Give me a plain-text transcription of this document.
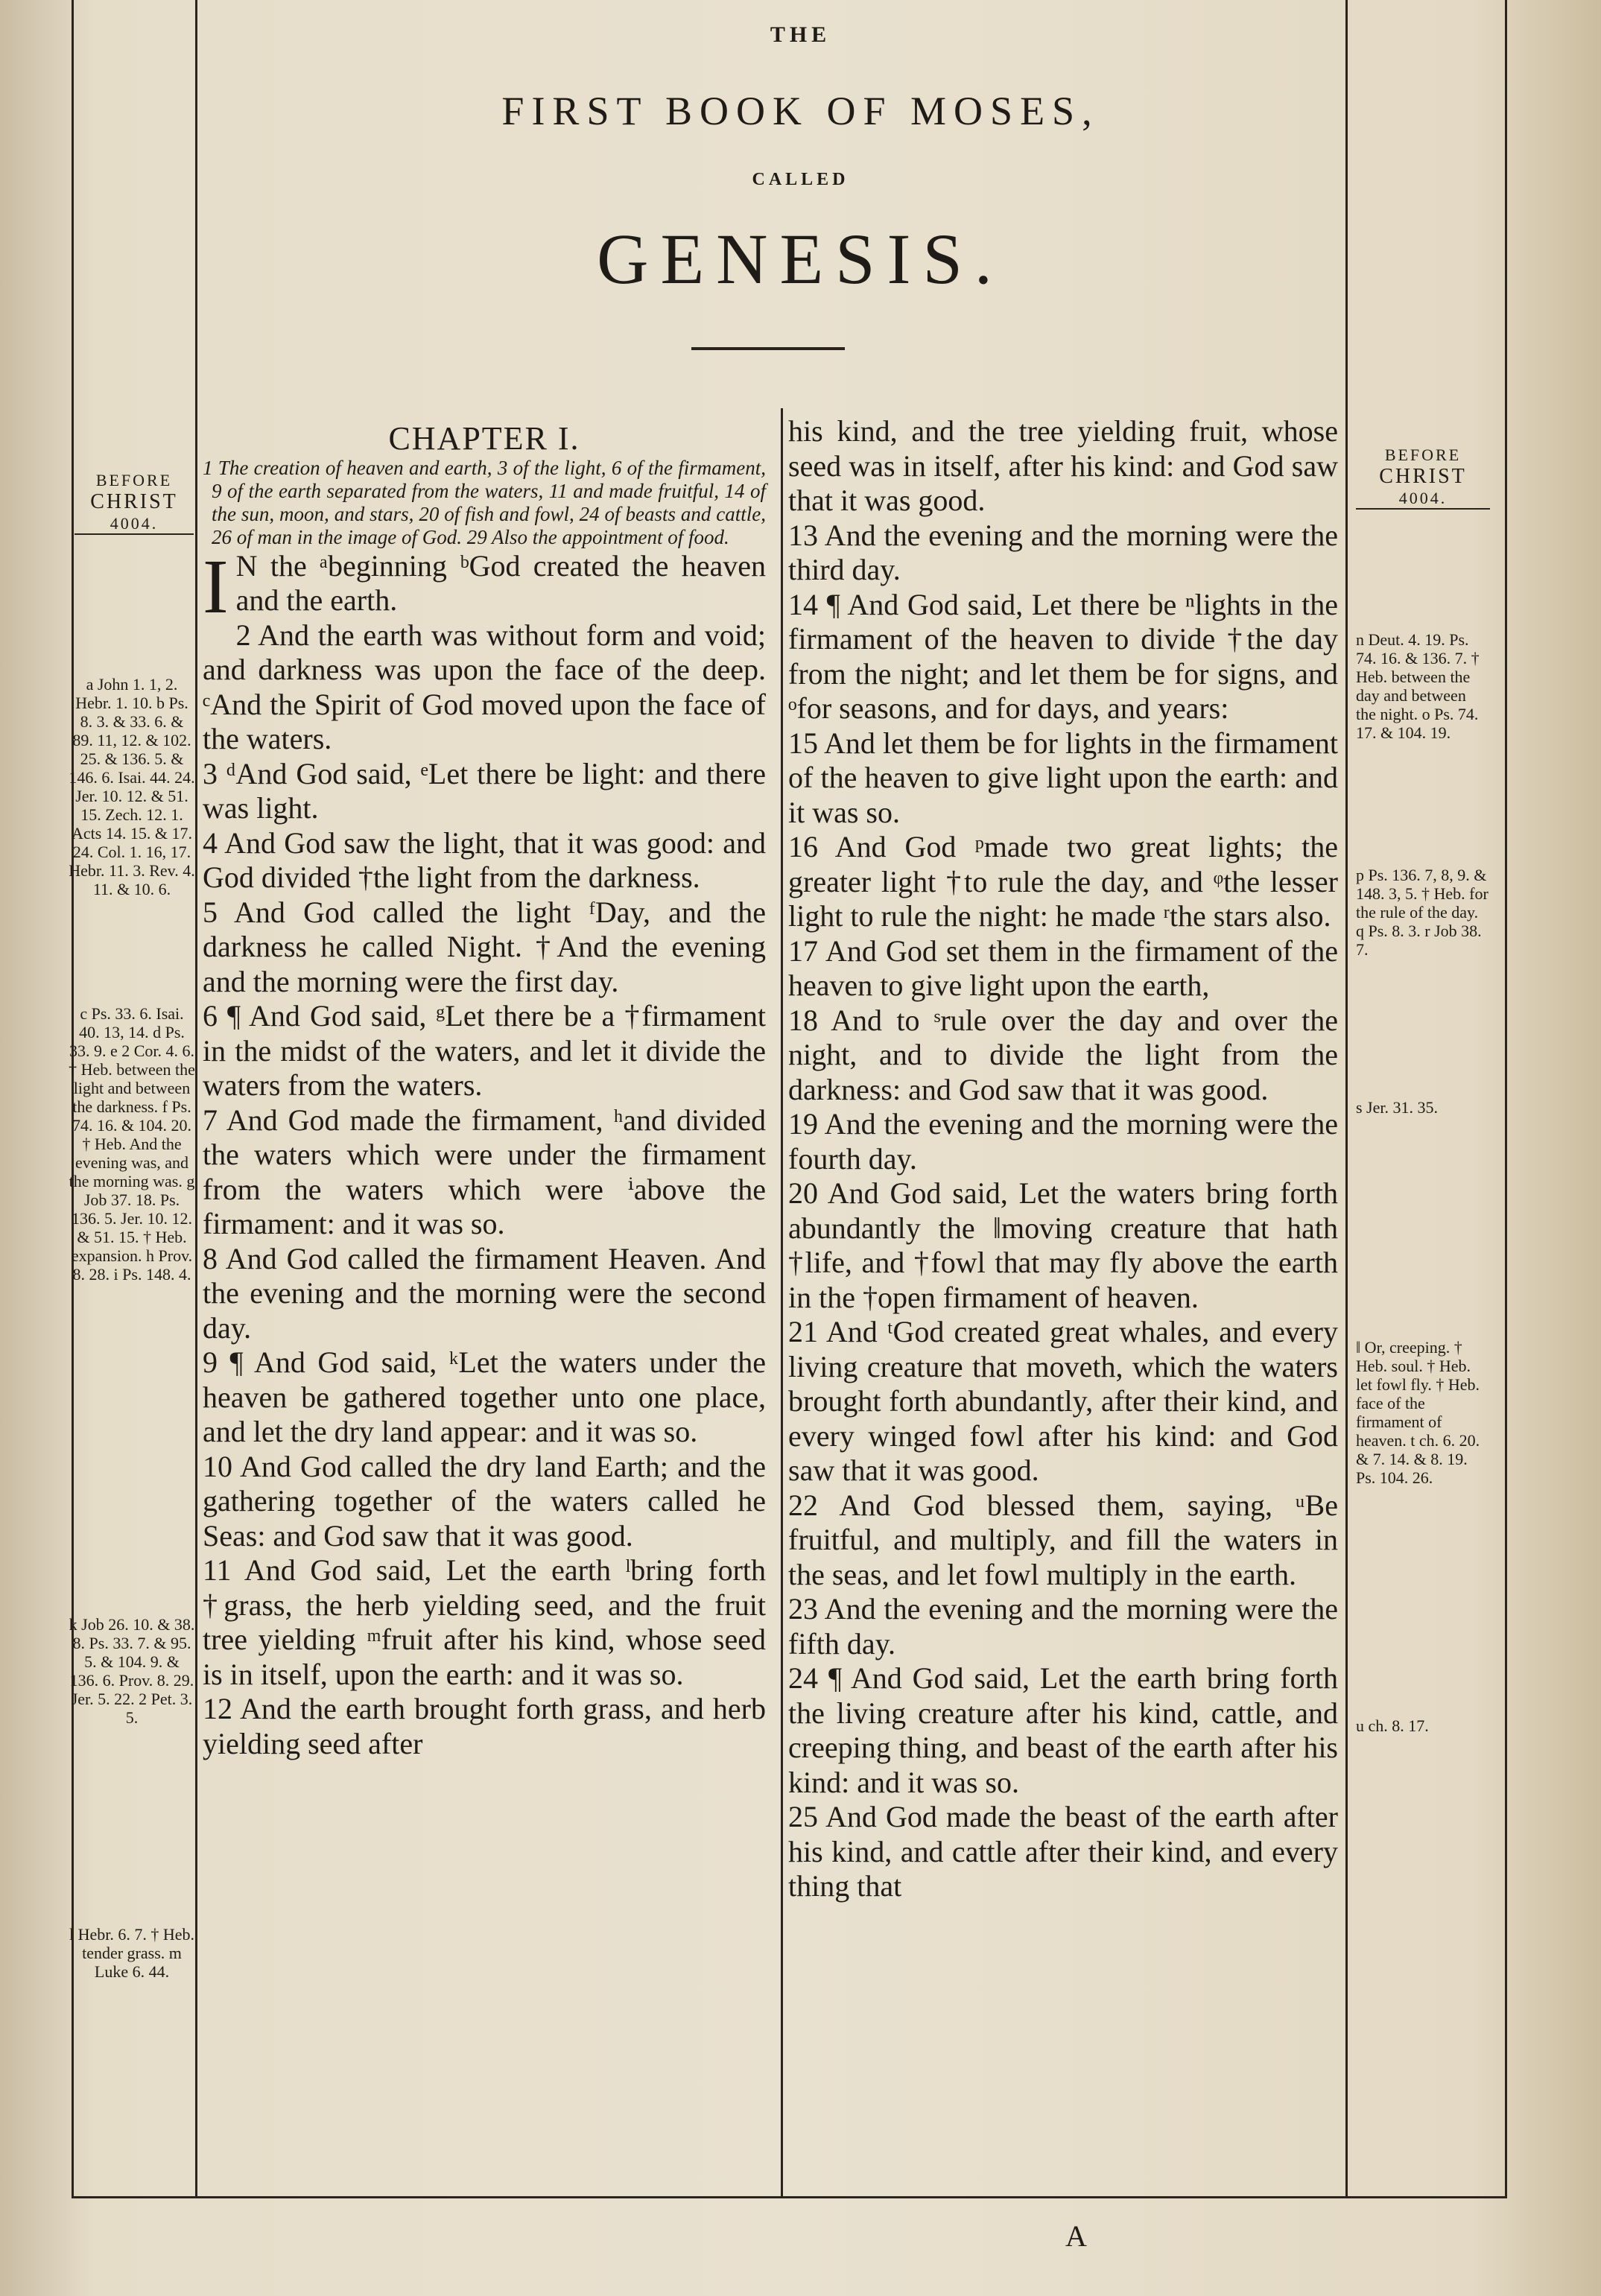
THE
FIRST BOOK OF MOSES,
CALLED
GENESIS.
BEFORE
CHRIST
4004.
BEFORE
CHRIST
4004.

CHAPTER I.

1 The creation of heaven and earth, 3 of the light, 6 of the firmament, 9 of the earth separated from the waters, 11 and made fruitful, 14 of the sun, moon, and stars, 20 of fish and fowl, 24 of beasts and cattle, 26 of man in the image of God. 29 Also the appointment of food.

I N the ᵃbeginning ᵇGod created the heaven and the earth.

2 And the earth was without form and void; and darkness was upon the face of the deep. ᶜAnd the Spirit of God moved upon the face of the waters.

3 ᵈAnd God said, ᵉLet there be light: and there was light.

4 And God saw the light, that it was good: and God divided †the light from the darkness.

5 And God called the light ᶠDay, and the darkness he called Night. †And the evening and the morning were the first day.

6 ¶ And God said, ᵍLet there be a †firmament in the midst of the waters, and let it divide the waters from the waters.

7 And God made the firmament, ʰand divided the waters which were under the firmament from the waters which were ⁱabove the firmament: and it was so.

8 And God called the firmament Heaven. And the evening and the morning were the second day.

9 ¶ And God said, ᵏLet the waters under the heaven be gathered together unto one place, and let the dry land appear: and it was so.

10 And God called the dry land Earth; and the gathering together of the waters called he Seas: and God saw that it was good.

11 And God said, Let the earth ˡbring forth †grass, the herb yielding seed, and the fruit tree yielding ᵐfruit after his kind, whose seed is in itself, upon the earth: and it was so.

12 And the earth brought forth grass, and herb yielding seed after

his kind, and the tree yielding fruit, whose seed was in itself, after his kind: and God saw that it was good.

13 And the evening and the morning were the third day.

14 ¶ And God said, Let there be ⁿlights in the firmament of the heaven to divide †the day from the night; and let them be for signs, and ᵒfor seasons, and for days, and years:

15 And let them be for lights in the firmament of the heaven to give light upon the earth: and it was so.

16 And God ᵖmade two great lights; the greater light †to rule the day, and ᵠthe lesser light to rule the night: he made ʳthe stars also.

17 And God set them in the firmament of the heaven to give light upon the earth,

18 And to ˢrule over the day and over the night, and to divide the light from the darkness: and God saw that it was good.

19 And the evening and the morning were the fourth day.

20 And God said, Let the waters bring forth abundantly the ‖moving creature that hath †life, and †fowl that may fly above the earth in the †open firmament of heaven.

21 And ᵗGod created great whales, and every living creature that moveth, which the waters brought forth abundantly, after their kind, and every winged fowl after his kind: and God saw that it was good.

22 And God blessed them, saying, ᵘBe fruitful, and multiply, and fill the waters in the seas, and let fowl multiply in the earth.

23 And the evening and the morning were the fifth day.

24 ¶ And God said, Let the earth bring forth the living creature after his kind, cattle, and creeping thing, and beast of the earth after his kind: and it was so.

25 And God made the beast of the earth after his kind, and cattle after their kind, and every thing that

a John 1. 1, 2. Hebr. 1. 10. b Ps. 8. 3. & 33. 6. & 89. 11, 12. & 102. 25. & 136. 5. & 146. 6. Isai. 44. 24. Jer. 10. 12. & 51. 15. Zech. 12. 1. Acts 14. 15. & 17. 24. Col. 1. 16, 17. Hebr. 11. 3. Rev. 4. 11. & 10. 6.
c Ps. 33. 6. Isai. 40. 13, 14. d Ps. 33. 9. e 2 Cor. 4. 6. † Heb. between the light and between the darkness. f Ps. 74. 16. & 104. 20. † Heb. And the evening was, and the morning was. g Job 37. 18. Ps. 136. 5. Jer. 10. 12. & 51. 15. † Heb. expansion. h Prov. 8. 28. i Ps. 148. 4.
k Job 26. 10. & 38. 8. Ps. 33. 7. & 95. 5. & 104. 9. & 136. 6. Prov. 8. 29. Jer. 5. 22. 2 Pet. 3. 5.
l Hebr. 6. 7. † Heb. tender grass. m Luke 6. 44.
n Deut. 4. 19. Ps. 74. 16. & 136. 7. † Heb. between the day and between the night. o Ps. 74. 17. & 104. 19.
p Ps. 136. 7, 8, 9. & 148. 3, 5. † Heb. for the rule of the day. q Ps. 8. 3. r Job 38. 7.
s Jer. 31. 35.
‖ Or, creeping. † Heb. soul. † Heb. let fowl fly. † Heb. face of the firmament of heaven. t ch. 6. 20. & 7. 14. & 8. 19. Ps. 104. 26.
u ch. 8. 17.
A
